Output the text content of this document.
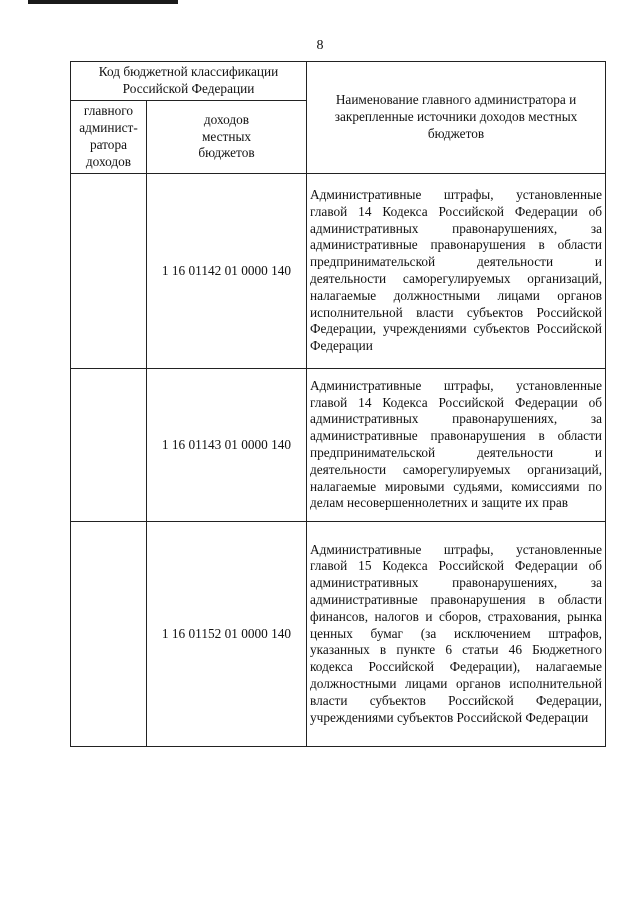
8
Код бюджетной классификации Российской Федерации		Наименование главного администратора и закрепленные источники доходов местных бюджетов
главного
админист-
ратора
доходов	доходов местных бюджетов	

	1 16 01142 01 0000 140	Административные штрафы, установленные главой 14 Кодекса Российской Федерации об административных правонарушениях, за административные правонарушения в области предпринимательской деятельности и деятельности саморегулируемых организаций, налагаемые должностными лицами органов исполнительной власти субъектов Российской Федерации, учреждениями субъектов Российской Федерации
	1 16 01143 01 0000 140	Административные штрафы, установленные главой 14 Кодекса Российской Федерации об административных правонарушениях, за административные правонарушения в области предпринимательской деятельности и деятельности саморегулируемых организаций, налагаемые мировыми судьями, комиссиями по делам несовершеннолетних и защите их прав
	1 16 01152 01 0000 140	Административные штрафы, установленные главой 15 Кодекса Российской Федерации об административных правонарушениях, за административные правонарушения в области финансов, налогов и сборов, страхования, рынка ценных бумаг (за исключением штрафов, указанных в пункте 6 статьи 46 Бюджетного кодекса Российской Федерации), налагаемые должностными лицами органов исполнительной власти субъектов Российской Федерации, учреждениями субъектов Российской Федерации
